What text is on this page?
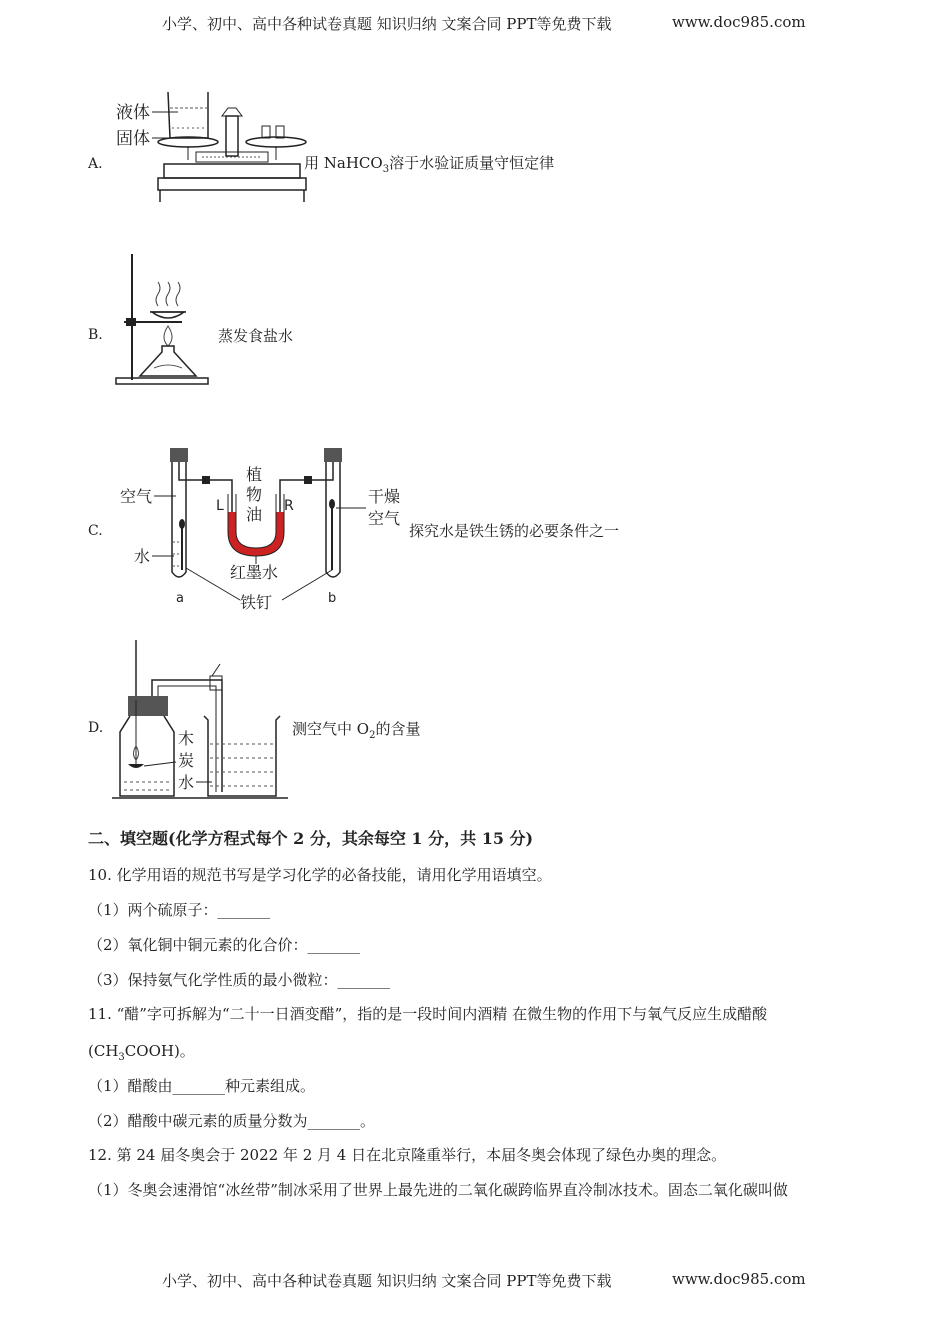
小学、初中、高中各种试卷真题 知识归纳 文案合同 PPT等免费下载	www.doc985.com
A.
液体
固体
用 NaHCO$_3$溶于水验证质量守恒定律
B.	蒸发食盐水
C.
L	R
植
物
油
空气
水
干燥
空气
红墨水
铁钉
a	b
探究水是铁生锈的必要条件之一
D.
木
炭
水
测空气中 $O_2$的含量
二、填空题(化学方程式每个 2 分，其余每空 1 分，共 15 分)
10. 化学用语的规范书写是学习化学的必备技能，请用化学用语填空。
（1）两个硫原子：_______
（2）氧化铜中铜元素的化合价：_______
（3）保持氨气化学性质的最小微粒：_______
11. “醋”字可拆解为“二十一日酒变醋”，指的是一段时间内酒精 在微生物的作用下与氧气反应生成醋酸
$(CH_3COOH)$。
（1）醋酸由_______种元素组成。
（2）醋酸中碳元素的质量分数为_______。
12. 第 24 届冬奥会于 2022 年 2 月 4 日在北京隆重举行，本届冬奥会体现了绿色办奥的理念。
（1）冬奥会速滑馆“冰丝带”制冰采用了世界上最先进的二氧化碳跨临界直冷制冰技术。固态二氧化碳叫做
小学、初中、高中各种试卷真题 知识归纳 文案合同 PPT等免费下载	www.doc985.com
